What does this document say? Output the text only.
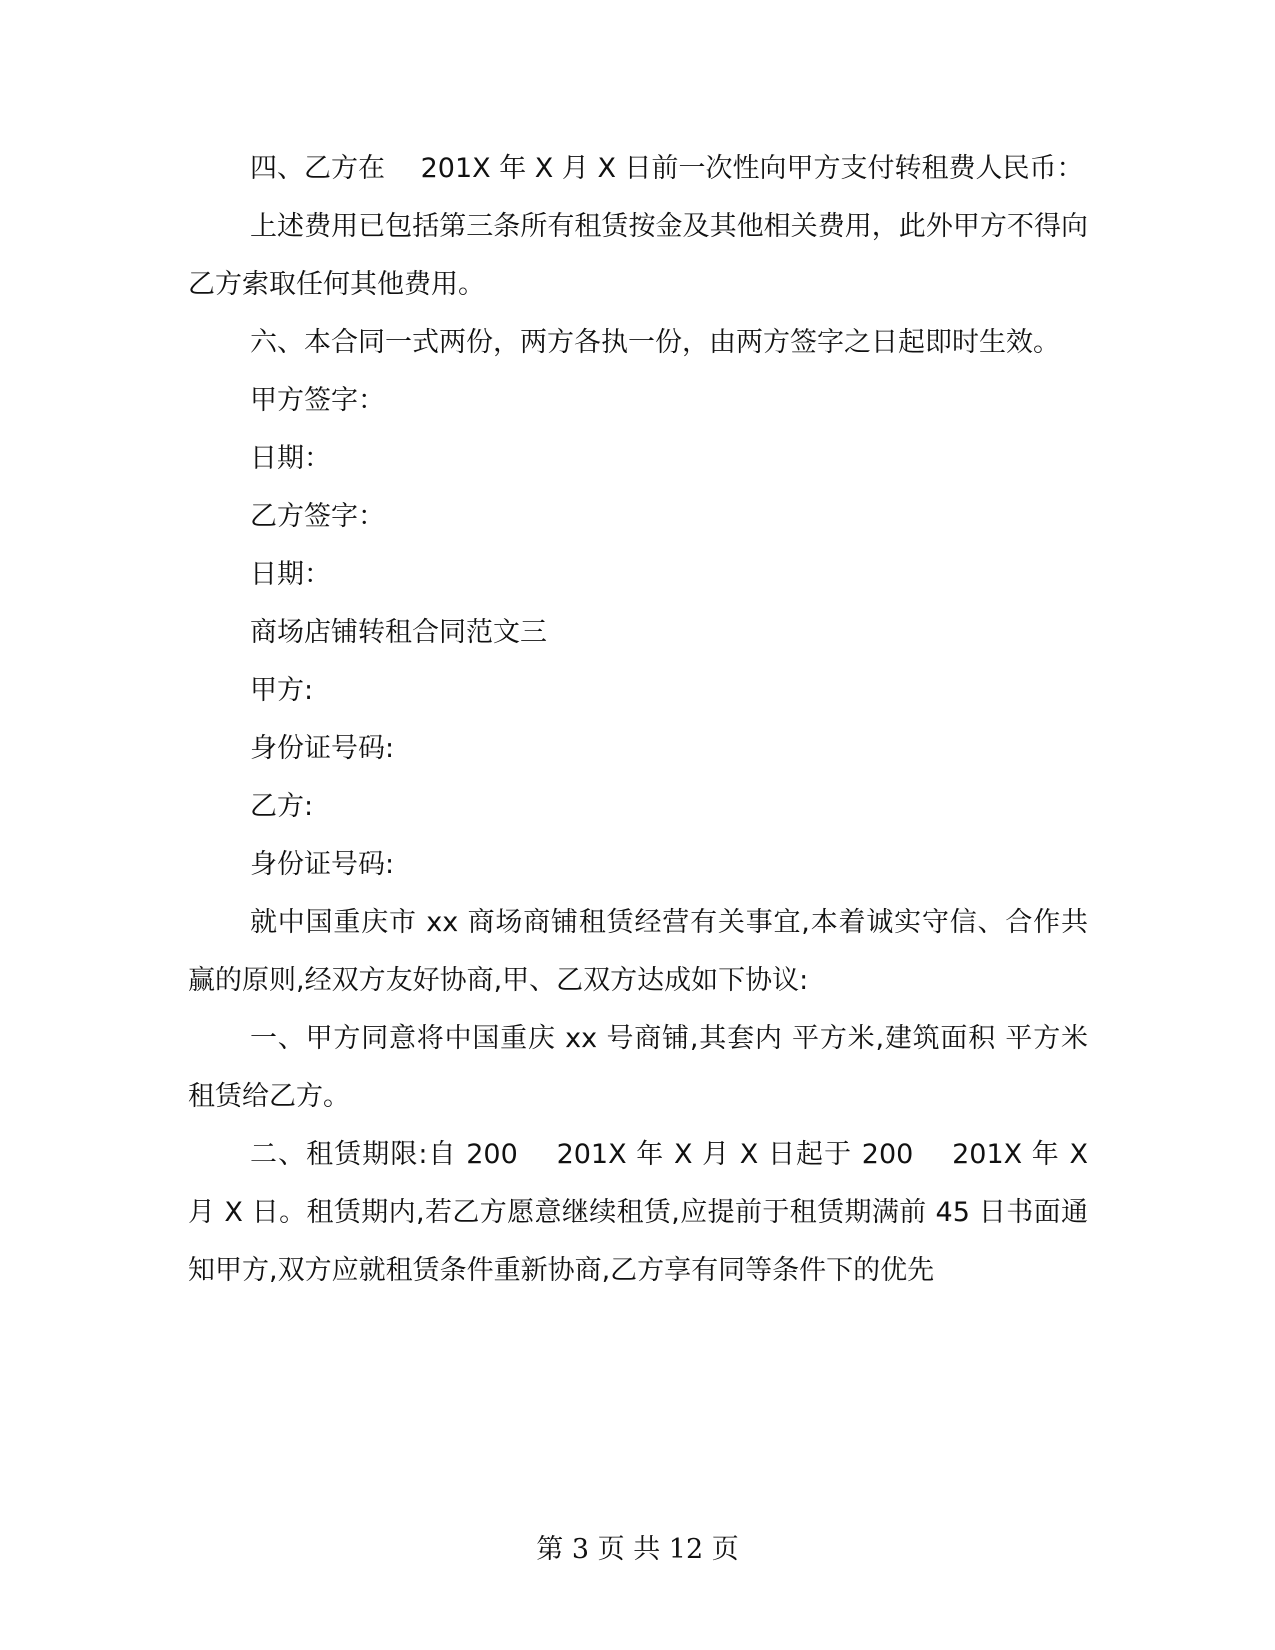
四、乙方在　 201X 年 X 月 X 日前一次性向甲方支付转租费人民币：

上述费用已包括第三条所有租赁按金及其他相关费用，此外甲方不得向乙方索取任何其他费用。

六、本合同一式两份，两方各执一份，由两方签字之日起即时生效。

甲方签字：

日期：

乙方签字：

日期：

商场店铺转租合同范文三

甲方:

身份证号码:

乙方:

身份证号码:

就中国重庆市 xx 商场商铺租赁经营有关事宜,本着诚实守信、合作共赢的原则,经双方友好协商,甲、乙双方达成如下协议:

一、甲方同意将中国重庆 xx 号商铺,其套内 平方米,建筑面积 平方米租赁给乙方。

二、租赁期限:自 200　 201X 年 X 月 X 日起于 200　 201X 年 X 月 X 日。租赁期内,若乙方愿意继续租赁,应提前于租赁期满前 45 日书面通知甲方,双方应就租赁条件重新协商,乙方享有同等条件下的优先

第 3 页 共 12 页
